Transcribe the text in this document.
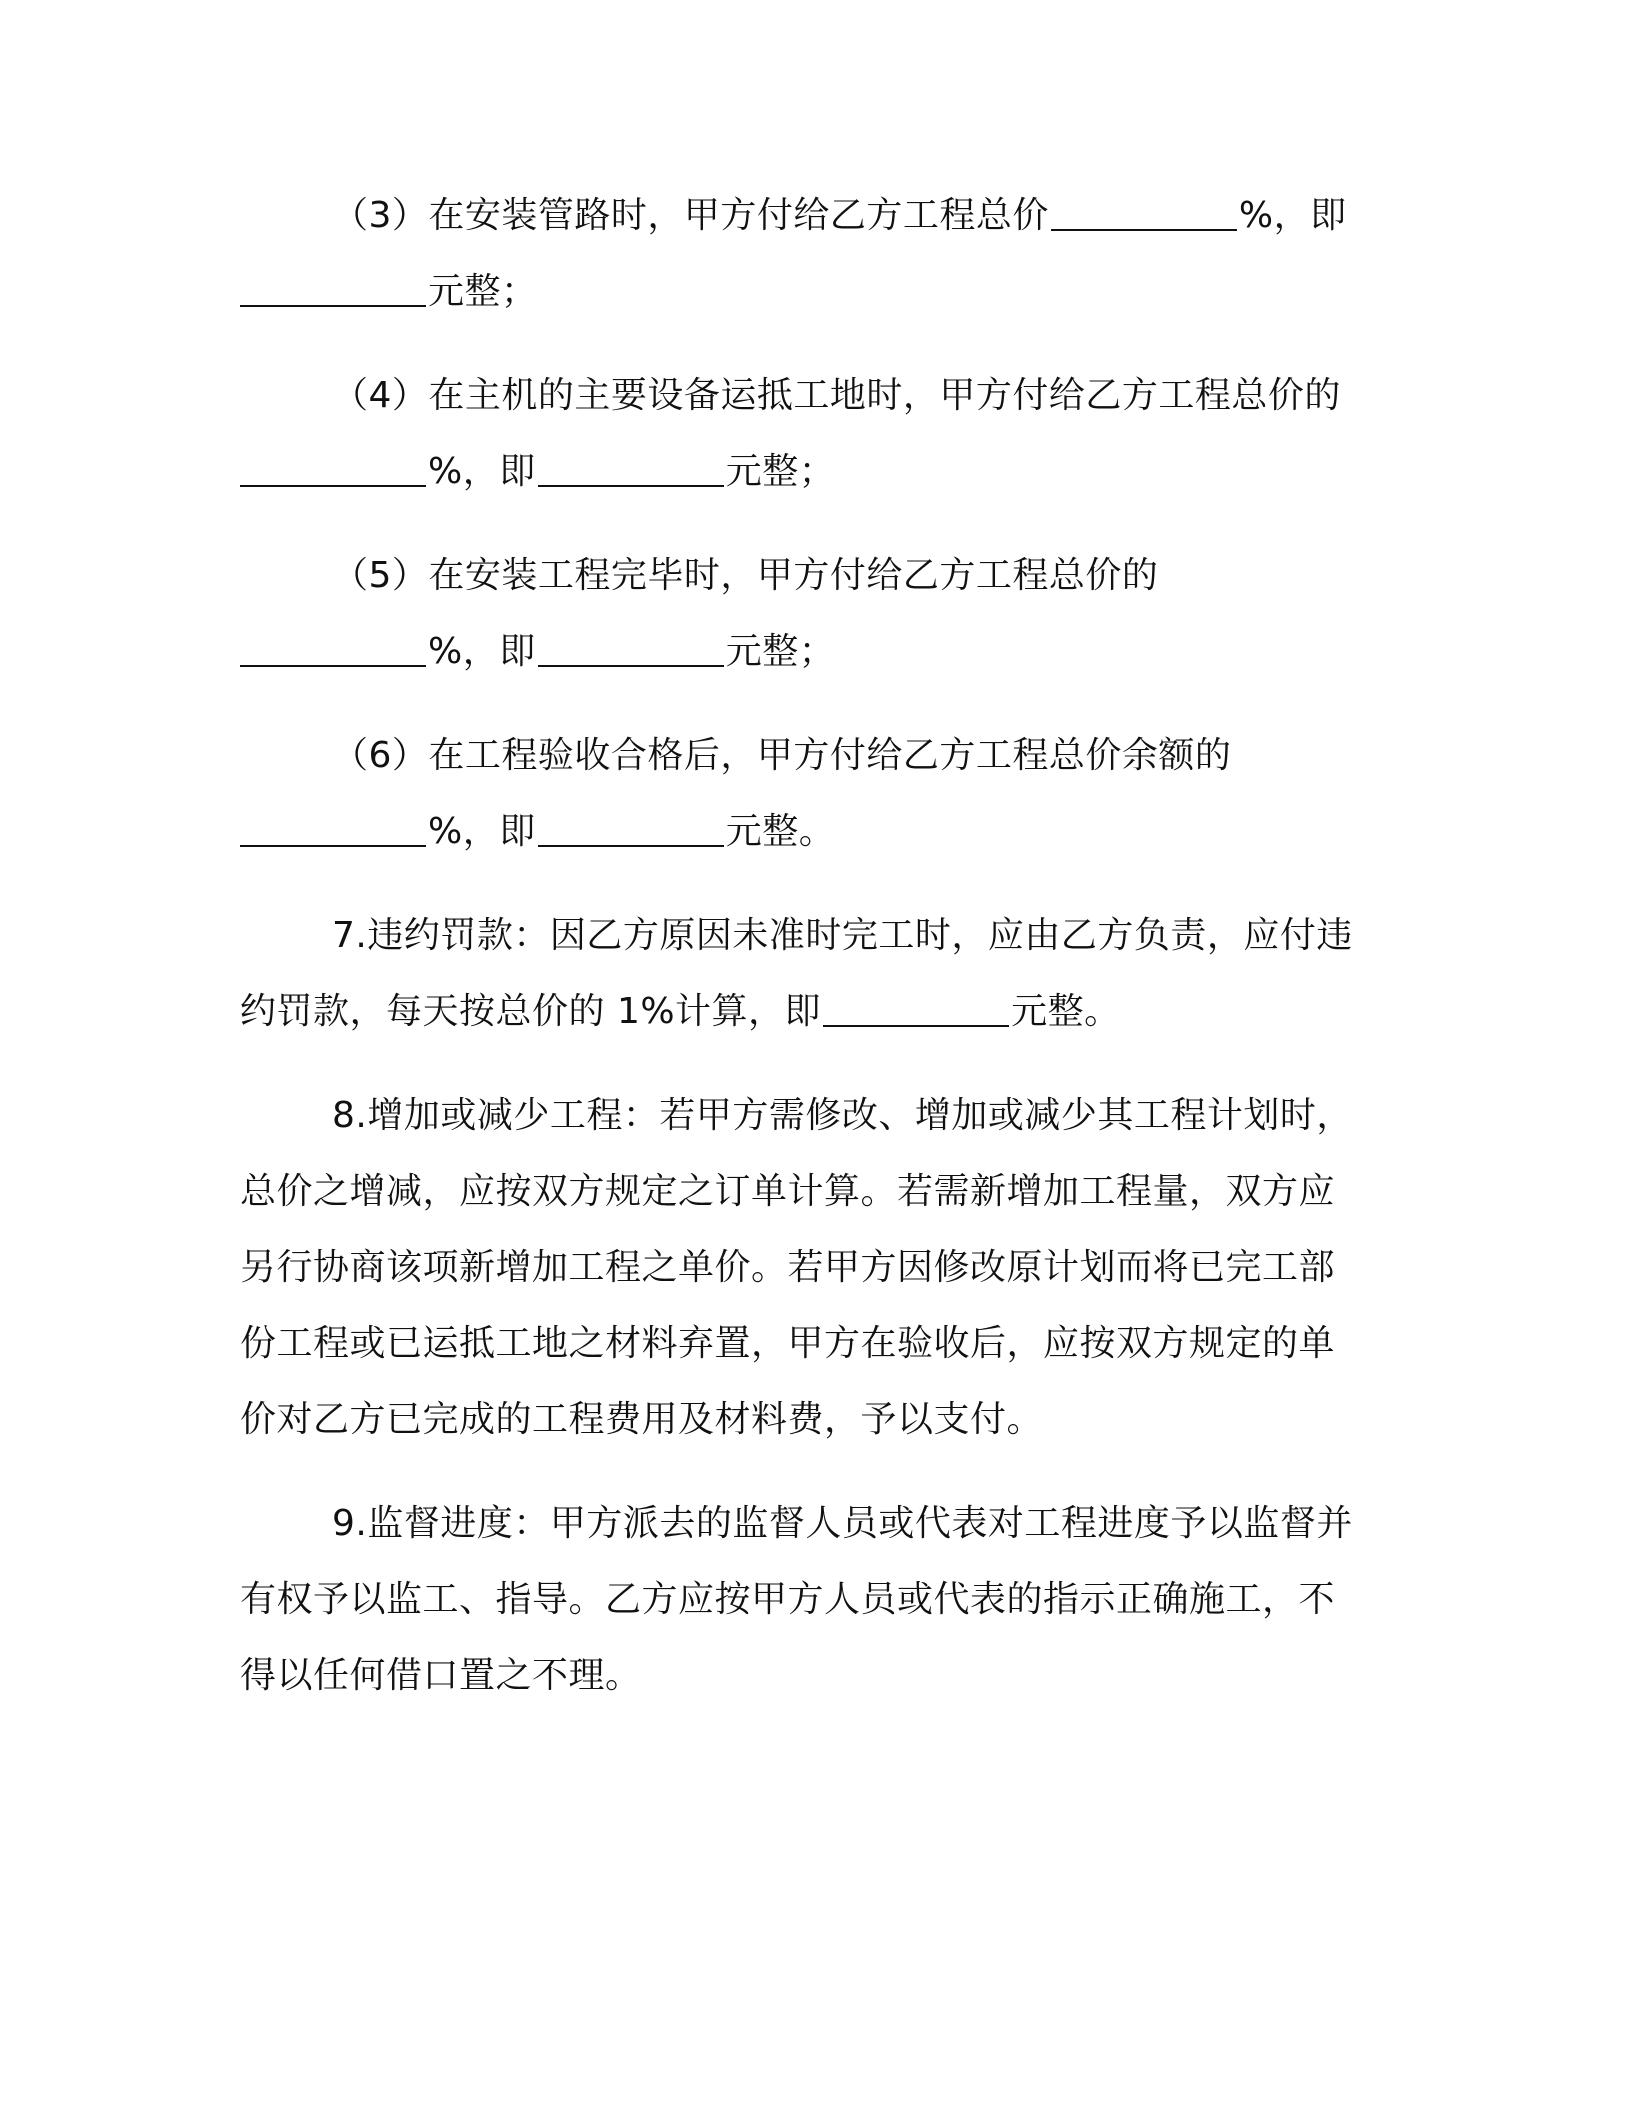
（3）在安装管路时，甲方付给乙方工程总价	%，即
元整；
（4）在主机的主要设备运抵工地时，甲方付给乙方工程总价的
%，即	元整；
（5）在安装工程完毕时，甲方付给乙方工程总价的
%，即	元整；
（6）在工程验收合格后，甲方付给乙方工程总价余额的
%，即	元整。
7.违约罚款：因乙方原因未准时完工时，应由乙方负责，应付违
约罚款，每天按总价的 1%计算，即	元整。
8.增加或减少工程：若甲方需修改、增加或减少其工程计划时，
总价之增减，应按双方规定之订单计算。若需新增加工程量，双方应
另行协商该项新增加工程之单价。若甲方因修改原计划而将已完工部
份工程或已运抵工地之材料弃置，甲方在验收后，应按双方规定的单
价对乙方已完成的工程费用及材料费，予以支付。
9.监督进度：甲方派去的监督人员或代表对工程进度予以监督并
有权予以监工、指导。乙方应按甲方人员或代表的指示正确施工，不
得以任何借口置之不理。
